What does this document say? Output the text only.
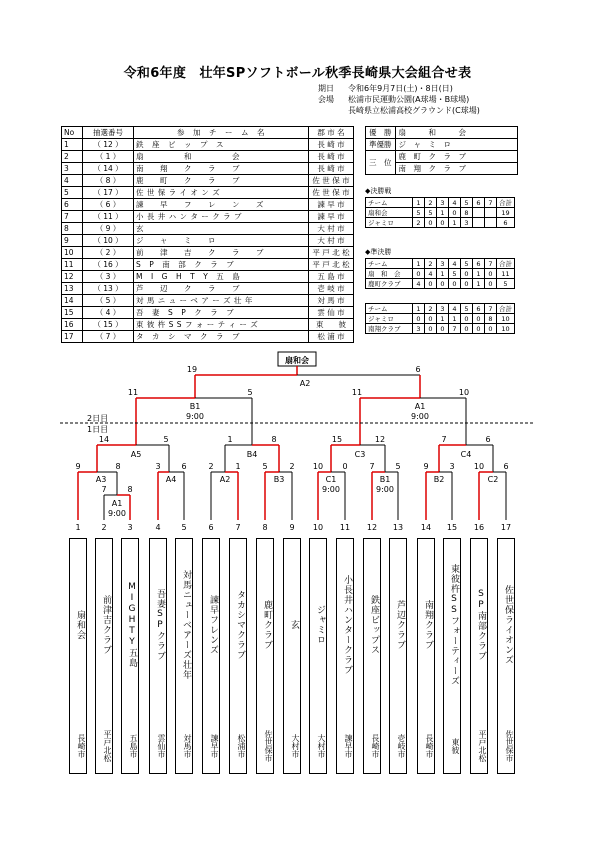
令和6年度　壮年SPソフトボール秋季長崎県大会組合せ表
期日 令和6年9月7日(土)・8日(日)
会場 松浦市民運動公園(A球場・B球場)
長崎県立松浦高校グラウンド(C球場)
No	抽選番号	参　加　チ　ー　ム　名	郡 市 名
1	（ 12 ）	鉄　座　ビ　ッ　プ　ス	長 崎 市
2	（ 1 ）	扇　　　　　和　　　　　会	長 崎 市
3	（ 14 ）	南　　翔　　ク　　ラ　　ブ	長 崎 市
4	（ 8 ）	鹿　　町　　ク　　ラ　　ブ	佐 世 保 市
5	（ 17 ）	佐 世 保 ラ イ オ ン ズ	佐 世 保 市
6	（ 6 ）	諫　　早　　フ　　レ　　ン　　ズ	諫 早 市
7	（ 11 ）	小 長 井 ハ ン タ ー ク ラ ブ	諫 早 市
8	（ 9 ）	玄	大 村 市
9	（ 10 ）	ジ　　ャ　　ミ　　ロ	大 村 市
10	（ 2 ）	前　　津　　吉　　ク　　ラ　　ブ	平 戸 北 松
11	（ 16 ）	S　P　南　部　ク　ラ　ブ	平 戸 北 松
12	（ 3 ）	M　I　G　H　T　Y　五　島	五 島 市
13	（ 13 ）	芦　　辺　　ク　　ラ　　ブ	壱 岐 市
14	（ 5 ）	対 馬 ニ ュ ー ベ ア ー ズ 壮 年	対 馬 市
15	（ 4 ）	吾　妻　S　P　ク　ラ　ブ	雲 仙 市
16	（ 15 ）	東 彼 杵 S S フ ォ ー テ ィ ー ズ	東　　彼
17	（ 7 ）	タ　カ　シ　マ　ク　ラ　ブ	松 浦 市
優　勝	扇　　　和　　　会
準優勝	ジ　ャ　ミ　ロ
三　位	鹿　町　ク　ラ　ブ
	南　翔　ク　ラ　ブ
◆決勝戦
チーム	1	2	3	4	5	6	7	合計
扇和会	5	5	1	0	8			19
ジャミロ	2	0	0	1	3			6
◆準決勝
チーム	1	2	3	4	5	6	7	合計
扇　和　会	0	4	1	5	0	1	0	11
鹿町クラブ	4	0	0	0	0	1	0	5
チーム	1	2	3	4	5	6	7	合計
ジャミロ	0	0	1	1	0	0	8	10
南翔クラブ	3	0	0	7	0	0	0	10
扇和会
19	6
A2
11	5	11	10
B1
9:00
A1
9:00
2日目
1日目
14	5	1	8	15	12	7	6
A5	B4	C3	C4
9	8	3	6	2	1	5	2 10 0	7	5	9	3 10 6
A3	A4	A2	B3	C1
9:00
B1
9:00
B2	C2
7	8
A1
9:00
1
扇和会
長崎市
2
前津吉クラブ
平戸北松
3
MIGHTY五島
五島市
4
吾妻SPクラブ
雲仙市
5
対馬ニューベアーズ壮年
対馬市
6
諫早フレンズ
諫早市
7
タカシマクラブ
松浦市
8
鹿町クラブ
佐世保市
9
玄
大村市
10
ジャミロ
大村市
11
小長井ハンタークラブ
諫早市
12
鉄座ビップス
長崎市
13
芦辺クラブ
壱岐市
14
南翔クラブ
長崎市
15
東彼杵SSフォーティーズ
東彼
16
SP南部クラブ
平戸北松
17
佐世保ライオンズ
佐世保市
